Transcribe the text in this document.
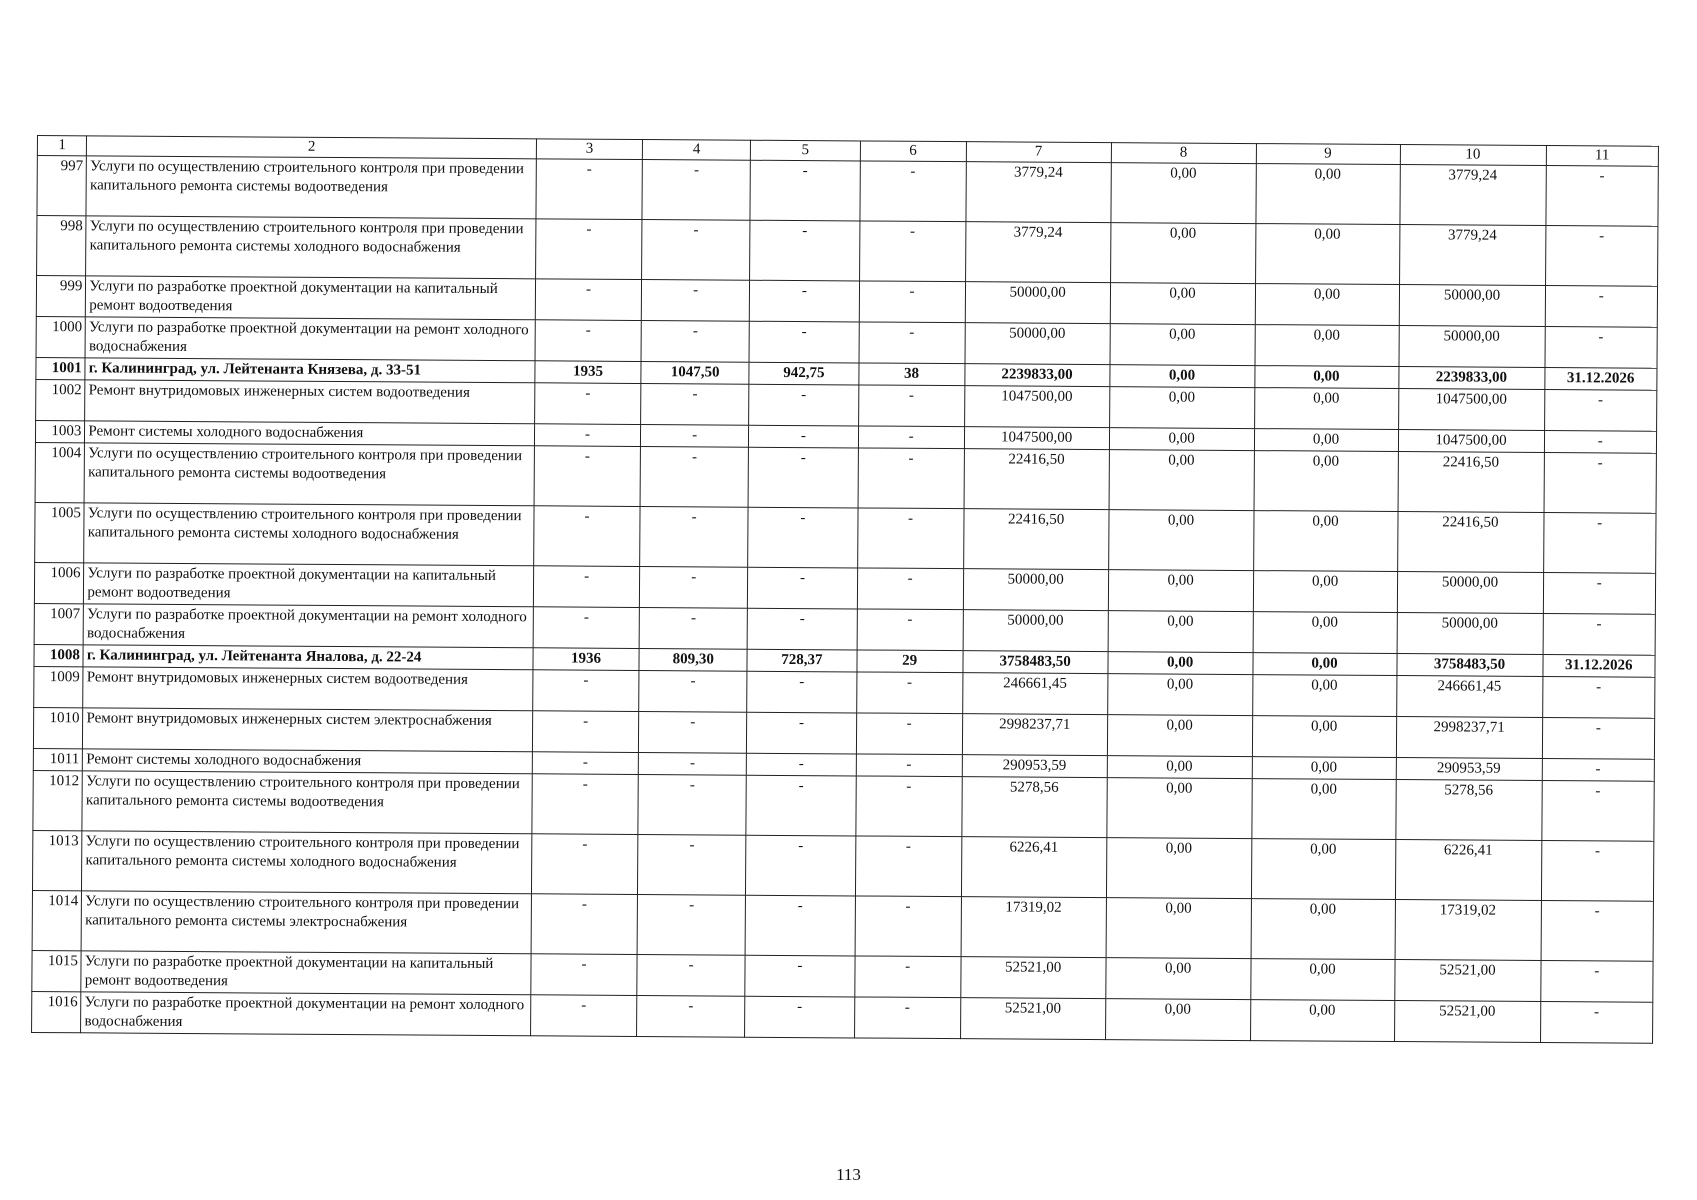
1	2	3	4	5	6	7	8	9	10	11
997	Услуги по осуществлению строительного контроля при проведении капитального ремонта системы водоотведения	-	-	-	-	3779,24	0,00	0,00	3779,24	-
998	Услуги по осуществлению строительного контроля при проведении капитального ремонта системы холодного водоснабжения	-	-	-	-	3779,24	0,00	0,00	3779,24	-
999	Услуги по разработке проектной документации на капитальный ремонт водоотведения	-	-	-	-	50000,00	0,00	0,00	50000,00	-
1000	Услуги по разработке проектной документации на ремонт холодного водоснабжения	-	-	-	-	50000,00	0,00	0,00	50000,00	-
1001	г. Калининград, ул. Лейтенанта Князева, д. 33-51	1935	1047,50	942,75	38	2239833,00	0,00	0,00	2239833,00	31.12.2026
1002	Ремонт внутридомовых инженерных систем водоотведения	-	-	-	-	1047500,00	0,00	0,00	1047500,00	-
1003	Ремонт системы холодного водоснабжения	-	-	-	-	1047500,00	0,00	0,00	1047500,00	-
1004	Услуги по осуществлению строительного контроля при проведении капитального ремонта системы водоотведения	-	-	-	-	22416,50	0,00	0,00	22416,50	-
1005	Услуги по осуществлению строительного контроля при проведении капитального ремонта системы холодного водоснабжения	-	-	-	-	22416,50	0,00	0,00	22416,50	-
1006	Услуги по разработке проектной документации на капитальный ремонт водоотведения	-	-	-	-	50000,00	0,00	0,00	50000,00	-
1007	Услуги по разработке проектной документации на ремонт холодного водоснабжения	-	-	-	-	50000,00	0,00	0,00	50000,00	-
1008	г. Калининград, ул. Лейтенанта Яналова, д. 22-24	1936	809,30	728,37	29	3758483,50	0,00	0,00	3758483,50	31.12.2026
1009	Ремонт внутридомовых инженерных систем водоотведения	-	-	-	-	246661,45	0,00	0,00	246661,45	-
1010	Ремонт внутридомовых инженерных систем электроснабжения	-	-	-	-	2998237,71	0,00	0,00	2998237,71	-
1011	Ремонт системы холодного водоснабжения	-	-	-	-	290953,59	0,00	0,00	290953,59	-
1012	Услуги по осуществлению строительного контроля при проведении капитального ремонта системы водоотведения	-	-	-	-	5278,56	0,00	0,00	5278,56	-
1013	Услуги по осуществлению строительного контроля при проведении капитального ремонта системы холодного водоснабжения	-	-	-	-	6226,41	0,00	0,00	6226,41	-
1014	Услуги по осуществлению строительного контроля при проведении капитального ремонта системы электроснабжения	-	-	-	-	17319,02	0,00	0,00	17319,02	-
1015	Услуги по разработке проектной документации на капитальный ремонт водоотведения	-	-	-	-	52521,00	0,00	0,00	52521,00	-
1016	Услуги по разработке проектной документации на ремонт холодного водоснабжения	-	-	-	-	52521,00	0,00	0,00	52521,00	-
113
